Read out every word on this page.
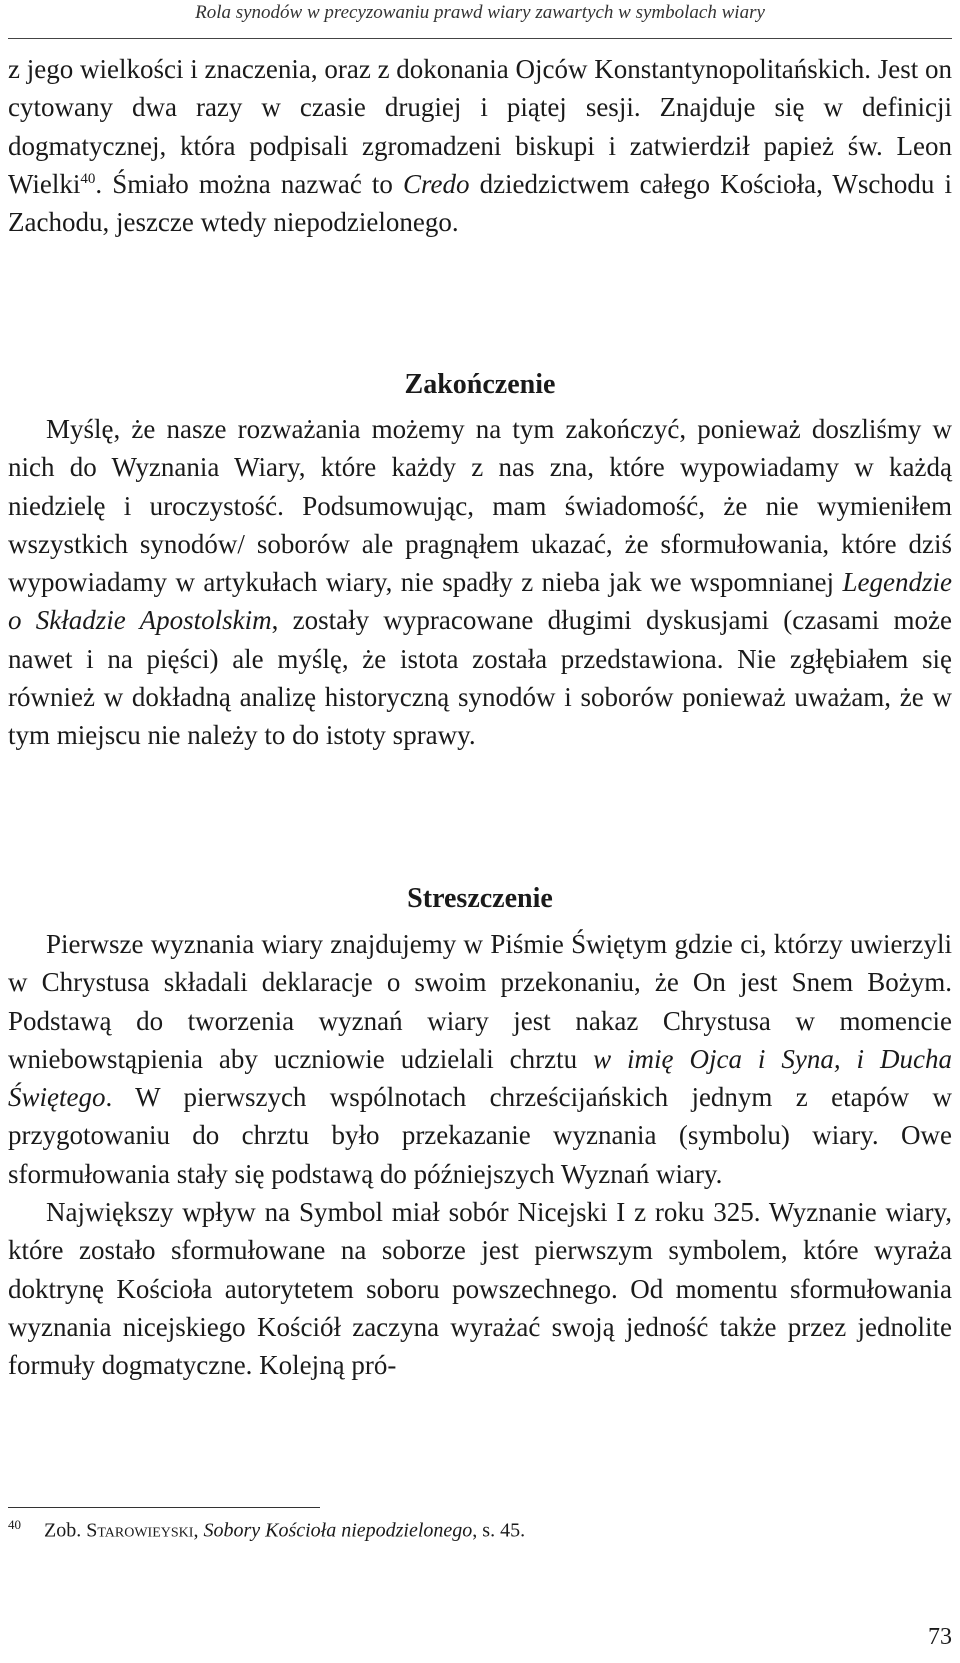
Rola synodów w precyzowaniu prawd wiary zawartych w symbolach wiary

z jego wielkości i znaczenia, oraz z dokonania Ojców Konstantynopolitańskich. Jest on cytowany dwa razy w czasie drugiej i piątej sesji. Znajduje się w definicji dogmatycznej, która podpisali zgromadzeni biskupi i zatwierdził papież św. Leon Wielki$^{40}$. Śmiało można nazwać to Credo dziedzictwem całego Kościoła, Wschodu i Zachodu, jeszcze wtedy niepodzielonego.

Zakończenie

Myślę, że nasze rozważania możemy na tym zakończyć, ponieważ doszliśmy w nich do Wyznania Wiary, które każdy z nas zna, które wypowiadamy w każdą niedzielę i uroczystość. Podsumowując, mam świadomość, że nie wymieniłem wszystkich synodów/ soborów ale pragnąłem ukazać, że sformułowania, które dziś wypowiadamy w artykułach wiary, nie spadły z nieba jak we wspomnianej Legendzie o Składzie Apostolskim, zostały wypracowane długimi dyskusjami (czasami może nawet i na pięści) ale myślę, że istota została przedstawiona. Nie zgłębiałem się również w dokładną analizę historyczną synodów i soborów ponieważ uważam, że w tym miejscu nie należy to do istoty sprawy.

Streszczenie

Pierwsze wyznania wiary znajdujemy w Piśmie Świętym gdzie ci, którzy uwierzyli w Chrystusa składali deklaracje o swoim przekonaniu, że On jest Snem Bożym. Podstawą do tworzenia wyznań wiary jest nakaz Chrystusa w momencie wniebowstąpienia aby uczniowie udzielali chrztu w imię Ojca i Syna, i Ducha Świętego. W pierwszych wspólnotach chrześcijańskich jednym z etapów w przygotowaniu do chrztu było przekazanie wyznania (symbolu) wiary. Owe sformułowania stały się podstawą do późniejszych Wyznań wiary.

Największy wpływ na Symbol miał sobór Nicejski I z roku 325. Wyznanie wiary, które zostało sformułowane na soborze jest pierwszym symbolem, które wyraża doktrynę Kościoła autorytetem soboru powszechnego. Od momentu sformułowania wyznania nicejskiego Kościół zaczyna wyrażać swoją jedność także przez jednolite formuły dogmatyczne. Kolejną pró-

40 Zob. Starowieyski, Sobory Kościoła niepodzielonego, s. 45.
73
